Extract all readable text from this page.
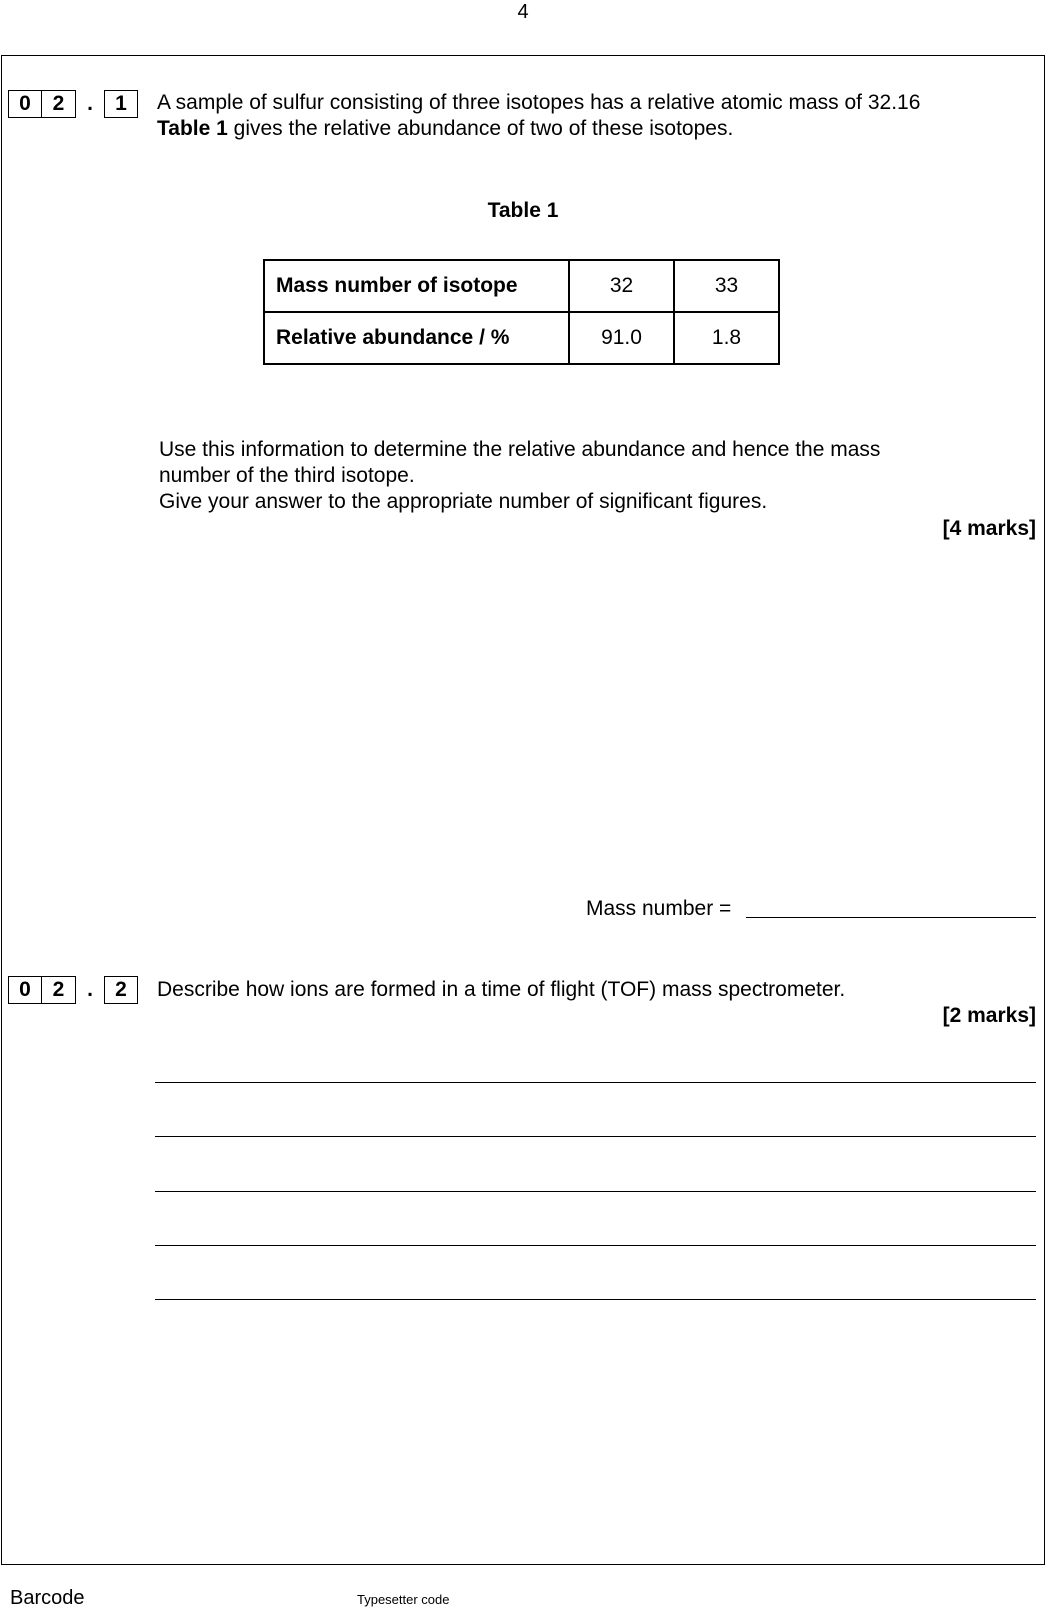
4
0	2	.	1	A sample of sulfur consisting of three isotopes has a relative atomic mass of 32.16
Table 1 gives the relative abundance of two of these isotopes.
Table 1
Mass number of isotope	32	33
Relative abundance / %	91.0	1.8
Use this information to determine the relative abundance and hence the mass
number of the third isotope.
Give your answer to the appropriate number of significant figures.
[4 marks]
Mass number =
0	2	.	2	Describe how ions are formed in a time of flight (TOF) mass spectrometer.
[2 marks]
Barcode	Typesetter code
